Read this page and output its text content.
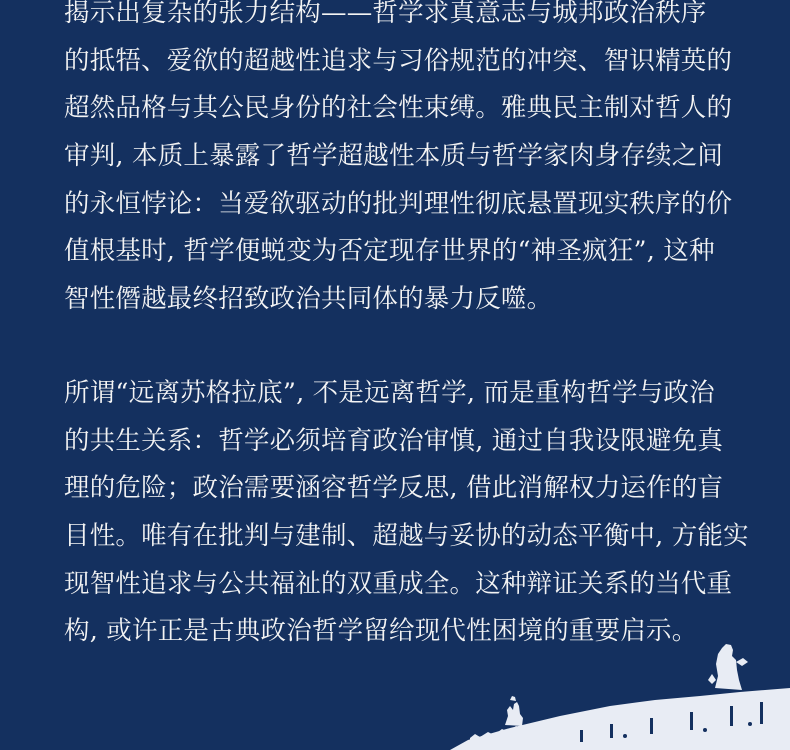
揭示出复杂的张力结构——哲学求真意志与城邦政治秩序
的抵牾、爱欲的超越性追求与习俗规范的冲突、智识精英的
超然品格与其公民身份的社会性束缚。雅典民主制对哲人的
审判, 本质上暴露了哲学超越性本质与哲学家肉身存续之间
的永恒悖论：当爱欲驱动的批判理性彻底悬置现实秩序的价
值根基时, 哲学便蜕变为否定现存世界的“神圣疯狂”, 这种
智性僭越最终招致政治共同体的暴力反噬。
所谓“远离苏格拉底”, 不是远离哲学, 而是重构哲学与政治
的共生关系：哲学必须培育政治审慎, 通过自我设限避免真
理的危险；政治需要涵容哲学反思, 借此消解权力运作的盲
目性。唯有在批判与建制、超越与妥协的动态平衡中, 方能实
现智性追求与公共福祉的双重成全。这种辩证关系的当代重
构, 或许正是古典政治哲学留给现代性困境的重要启示。
